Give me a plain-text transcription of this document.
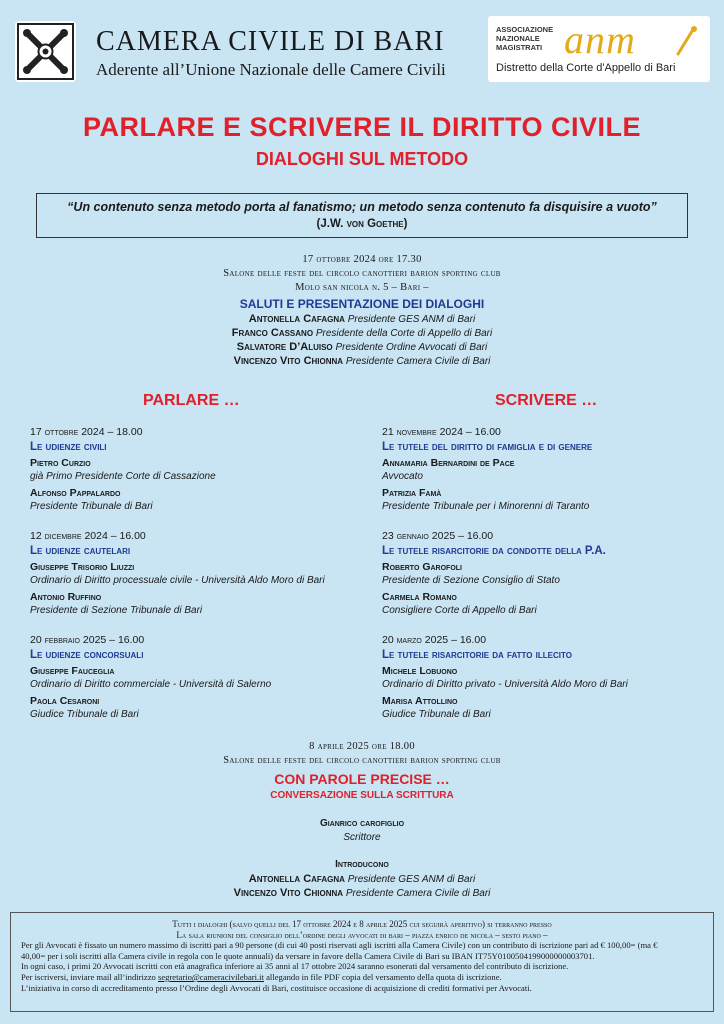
CAMERA CIVILE DI BARI
Aderente all’Unione Nazionale delle Camere Civili
ASSOCIAZIONE
NAZIONALE
MAGISTRATI anm
Distretto della Corte d'Appello di Bari
PARLARE E SCRIVERE IL DIRITTO CIVILE
DIALOGHI SUL METODO
“Un contenuto senza metodo porta al fanatismo; un metodo senza contenuto fa disquisire a vuoto”
(J.W. von Goethe)
17 ottobre 2024 ore 17.30
Salone delle feste del circolo canottieri barion sporting club
Molo san nicola n. 5 – Bari –
SALUTI E PRESENTAZIONE DEI DIALOGHI
Antonella Cafagna Presidente GES ANM di Bari
Franco Cassano Presidente della Corte di Appello di Bari
Salvatore D’Aluiso Presidente Ordine Avvocati di Bari
Vincenzo Vito Chionna Presidente Camera Civile di Bari
PARLARE …	SCRIVERE …
17 ottobre 2024 – 18.00
Le udienze civili
Pietro Curzio
già Primo Presidente Corte di Cassazione
Alfonso Pappalardo
Presidente Tribunale di Bari
12 dicembre 2024 – 16.00
Le udienze cautelari
Giuseppe Trisorio Liuzzi
Ordinario di Diritto processuale civile - Università Aldo Moro di Bari
Antonio Ruffino
Presidente di Sezione Tribunale di Bari
20 febbraio 2025 – 16.00
Le udienze concorsuali
Giuseppe Fauceglia
Ordinario di Diritto commerciale - Università di Salerno
Paola Cesaroni
Giudice Tribunale di Bari
21 novembre 2024 – 16.00
Le tutele del diritto di famiglia e di genere
Annamaria Bernardini de Pace
Avvocato
Patrizia Famà
Presidente Tribunale per i Minorenni di Taranto
23 gennaio 2025 – 16.00
Le tutele risarcitorie da condotte della P.A.
Roberto Garofoli
Presidente di Sezione Consiglio di Stato
Carmela Romano
Consigliere Corte di Appello di Bari
20 marzo 2025 – 16.00
Le tutele risarcitorie da fatto illecito
Michele Lobuono
Ordinario di Diritto privato - Università Aldo Moro di Bari
Marisa Attollino
Giudice Tribunale di Bari
8 aprile 2025 ore 18.00
Salone delle feste del circolo canottieri barion sporting club
CON PAROLE PRECISE …
CONVERSAZIONE SULLA SCRITTURA
Gianrico carofiglio
Scrittore
Introducono
Antonella Cafagna Presidente GES ANM di Bari
Vincenzo Vito Chionna Presidente Camera Civile di Bari
Tutti i dialoghi (salvo quelli del 17 ottobre 2024 e 8 aprile 2025 cui seguirà aperitivo) si terranno presso
La sala riunioni del consiglio dell’ordine degli avvocati di bari – piazza enrico de nicola – sesto piano –
Per gli Avvocati è fissato un numero massimo di iscritti pari a 90 persone (di cui 40 posti riservati agli iscritti alla Camera Civile) con un contributo di iscrizione pari ad € 100,00= (ma €
40,00= per i soli iscritti alla Camera civile in regola con le quote annuali) da versare in favore della Camera Civile di Bari su IBAN IT75Y0100504199000000003701.
In ogni caso, i primi 20 Avvocati iscritti con età anagrafica inferiore ai 35 anni al 17 ottobre 2024 saranno esonerati dal versamento del contributo di iscrizione.
Per iscriversi, inviare mail all’indirizzo segretario@cameracivilebari.it allegando in file PDF copia del versamento della quota di iscrizione.
L’iniziativa in corso di accreditamento presso l’Ordine degli Avvocati di Bari, costituisce occasione di acquisizione di crediti formativi per Avvocati.
